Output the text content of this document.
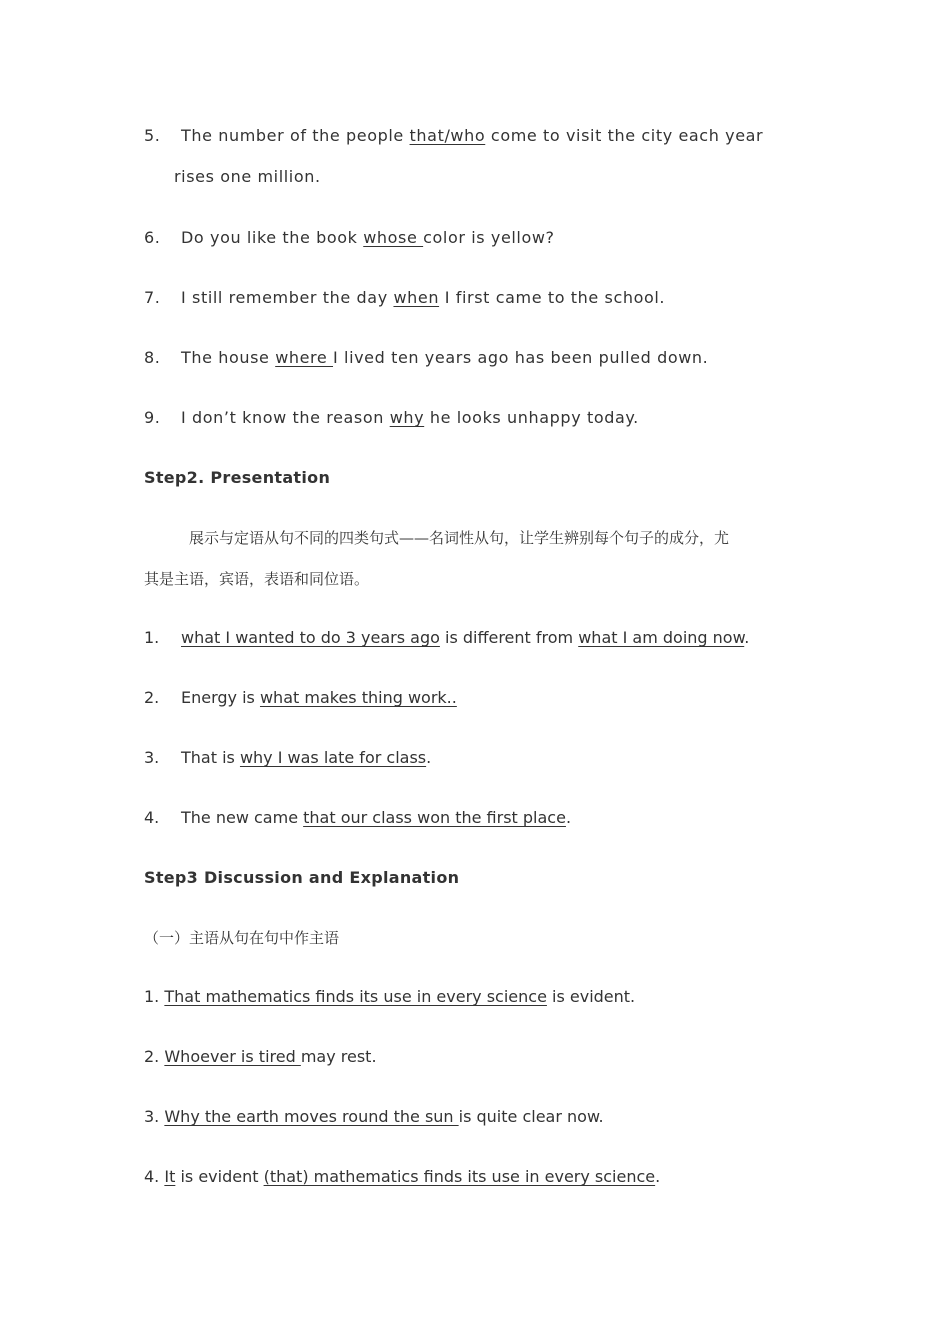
5. The number of the people that/who come to visit the city each year
rises one million.
6. Do you like the book whose color is yellow?
7. I still remember the day when I first came to the school.
8. The house where I lived ten years ago has been pulled down.
9. I don’t know the reason why he looks unhappy today.
Step2. Presentation
展示与定语从句不同的四类句式——名词性从句，让学生辨别每个句子的成分，尤
其是主语，宾语，表语和同位语。
1. what I wanted to do 3 years ago is different from what I am doing now.
2. Energy is what makes thing work..
3. That is why I was late for class.
4. The new came that our class won the first place.
Step3 Discussion and Explanation
（一）主语从句在句中作主语
1. That mathematics finds its use in every science is evident.
2. Whoever is tired may rest.
3. Why the earth moves round the sun is quite clear now.
4. It is evident (that) mathematics finds its use in every science.
